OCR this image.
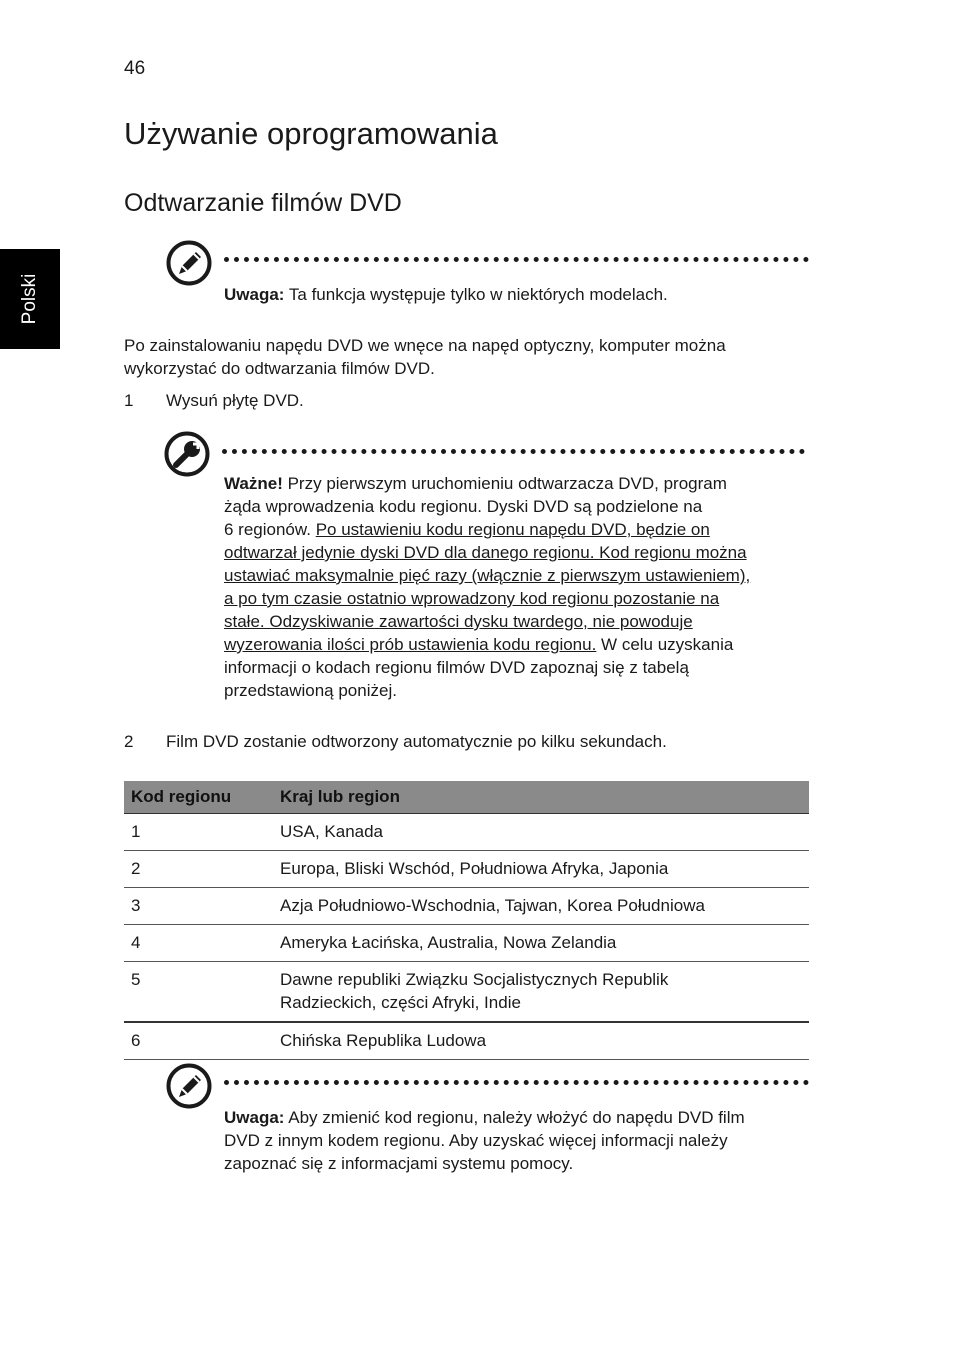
46
Polski
Używanie oprogramowania
Odtwarzanie filmów DVD
Uwaga: Ta funkcja występuje tylko w niektórych modelach.
Po zainstalowaniu napędu DVD we wnęce na napęd optyczny, komputer można
wykorzystać do odtwarzania filmów DVD.
1 Wysuń płytę DVD.
Ważne! Przy pierwszym uruchomieniu odtwarzacza DVD, program
żąda wprowadzenia kodu regionu. Dyski DVD są podzielone na
6 regionów. Po ustawieniu kodu regionu napędu DVD, będzie on
odtwarzał jedynie dyski DVD dla danego regionu. Kod regionu można
ustawiać maksymalnie pięć razy (włącznie z pierwszym ustawieniem),
a po tym czasie ostatnio wprowadzony kod regionu pozostanie na
stałe. Odzyskiwanie zawartości dysku twardego, nie powoduje
wyzerowania ilości prób ustawienia kodu regionu. W celu uzyskania
informacji o kodach regionu filmów DVD zapoznaj się z tabelą
przedstawioną poniżej.
2 Film DVD zostanie odtworzony automatycznie po kilku sekundach.
Kod regionu	Kraj lub region
1	USA, Kanada
2	Europa, Bliski Wschód, Południowa Afryka, Japonia
3	Azja Południowo-Wschodnia, Tajwan, Korea Południowa
4	Ameryka Łacińska, Australia, Nowa Zelandia
5	Dawne republiki Związku Socjalistycznych Republik
Radzieckich, części Afryki, Indie

6	Chińska Republika Ludowa
Uwaga: Aby zmienić kod regionu, należy włożyć do napędu DVD film
DVD z innym kodem regionu. Aby uzyskać więcej informacji należy
zapoznać się z informacjami systemu pomocy.
